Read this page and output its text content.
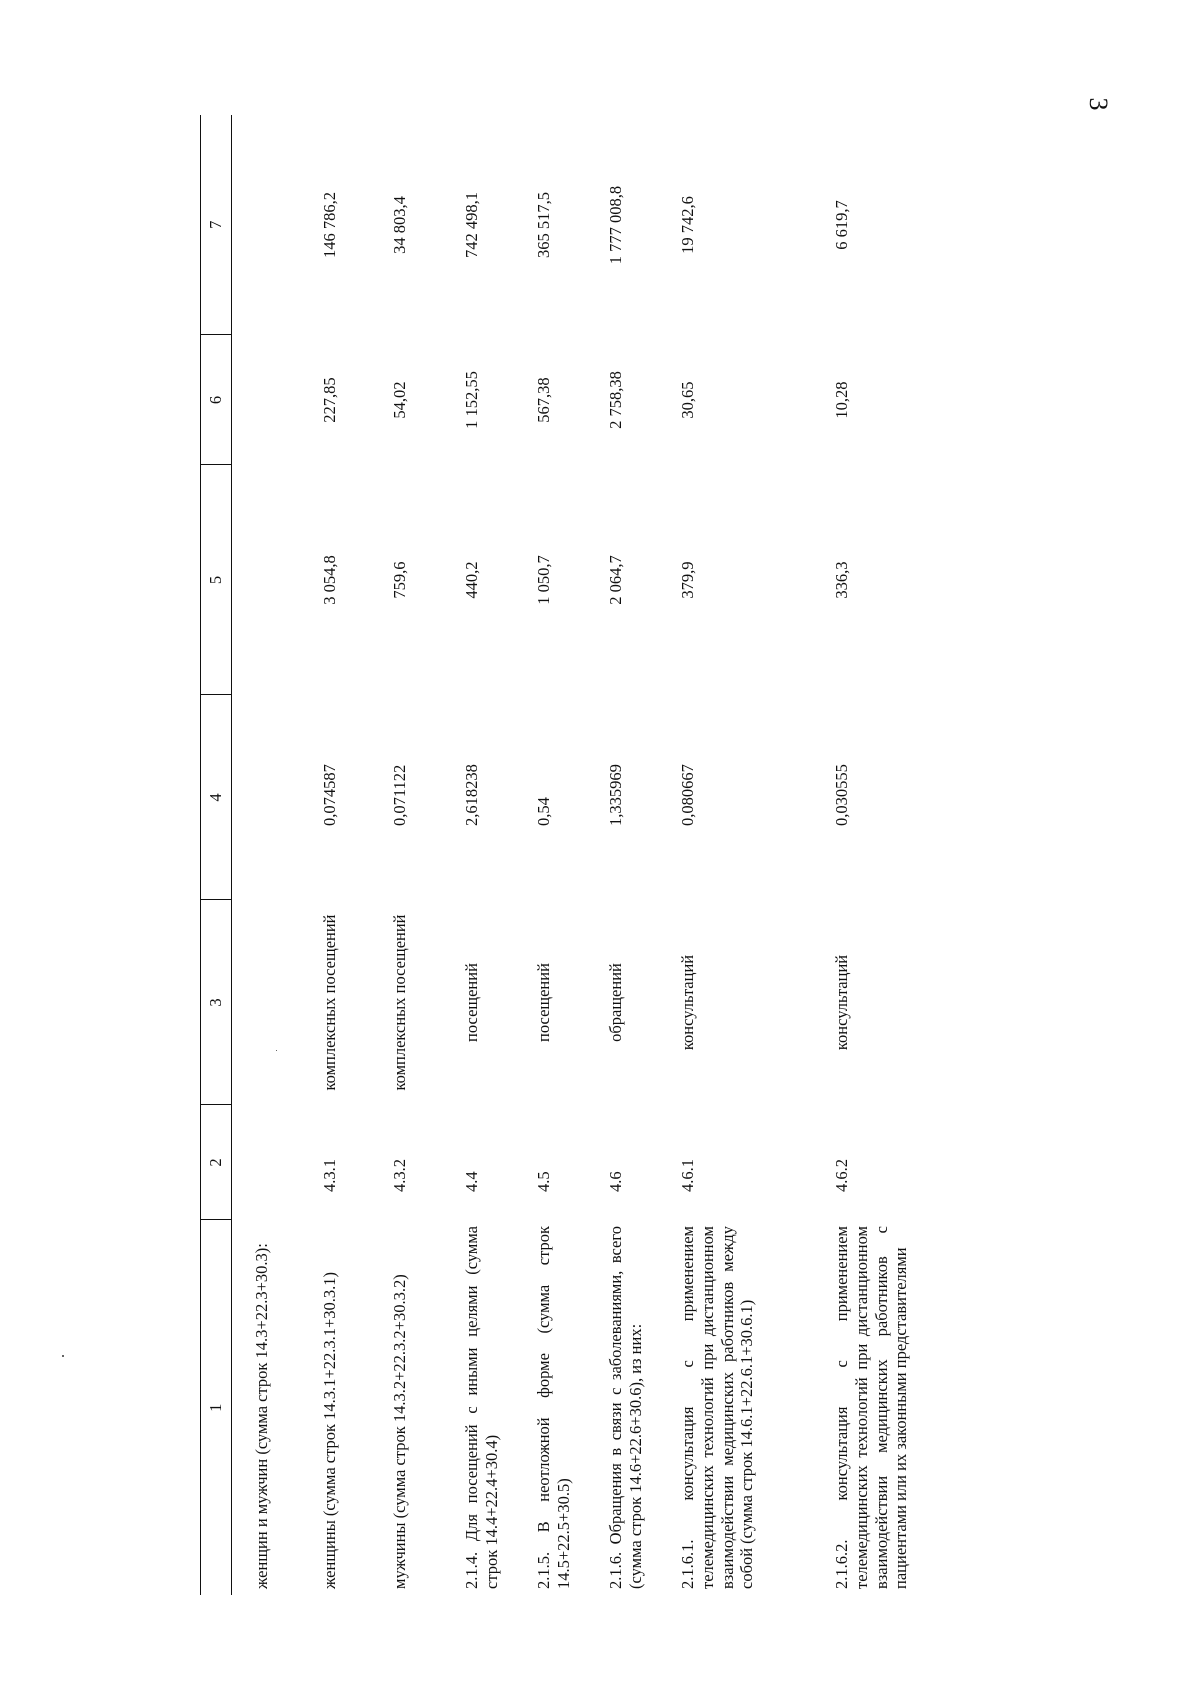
3
1	2	3	4	5	6	7

женщин и мужчин (сумма строк 14.3+22.3+30.3):						
женщины (сумма строк 14.3.1+22.3.1+30.3.1)	4.3.1	комплексных посещений	0,074587	3 054,8	227,85	146 786,2
мужчины (сумма строк 14.3.2+22.3.2+30.3.2)	4.3.2	комплексных посещений	0,071122	759,6	54,02	34 803,4
2.1.4. Для посещений с иными целями (сумма строк 14.4+22.4+30.4)	4.4	посещений	2,618238	440,2	1 152,55	742 498,1
2.1.5. В неотложной форме (сумма строк 14.5+22.5+30.5)	4.5	посещений	0,54	1 050,7	567,38	365 517,5
2.1.6. Обращения в связи с заболеваниями, всего (сумма строк 14.6+22.6+30.6), из них:	4.6	обращений	1,335969	2 064,7	2 758,38	1 777 008,8
2.1.6.1. консультация с применением телемедицинских технологий при дистанционном взаимодействии медицинских работников между собой (сумма строк 14.6.1+22.6.1+30.6.1)	4.6.1	консультаций	0,080667	379,9	30,65	19 742,6
2.1.6.2. консультация с применением телемедицинских технологий при дистанционном взаимодействии медицинских работников с пациентами или их законными представителями	4.6.2	консультаций	0,030555	336,3	10,28	6 619,7
